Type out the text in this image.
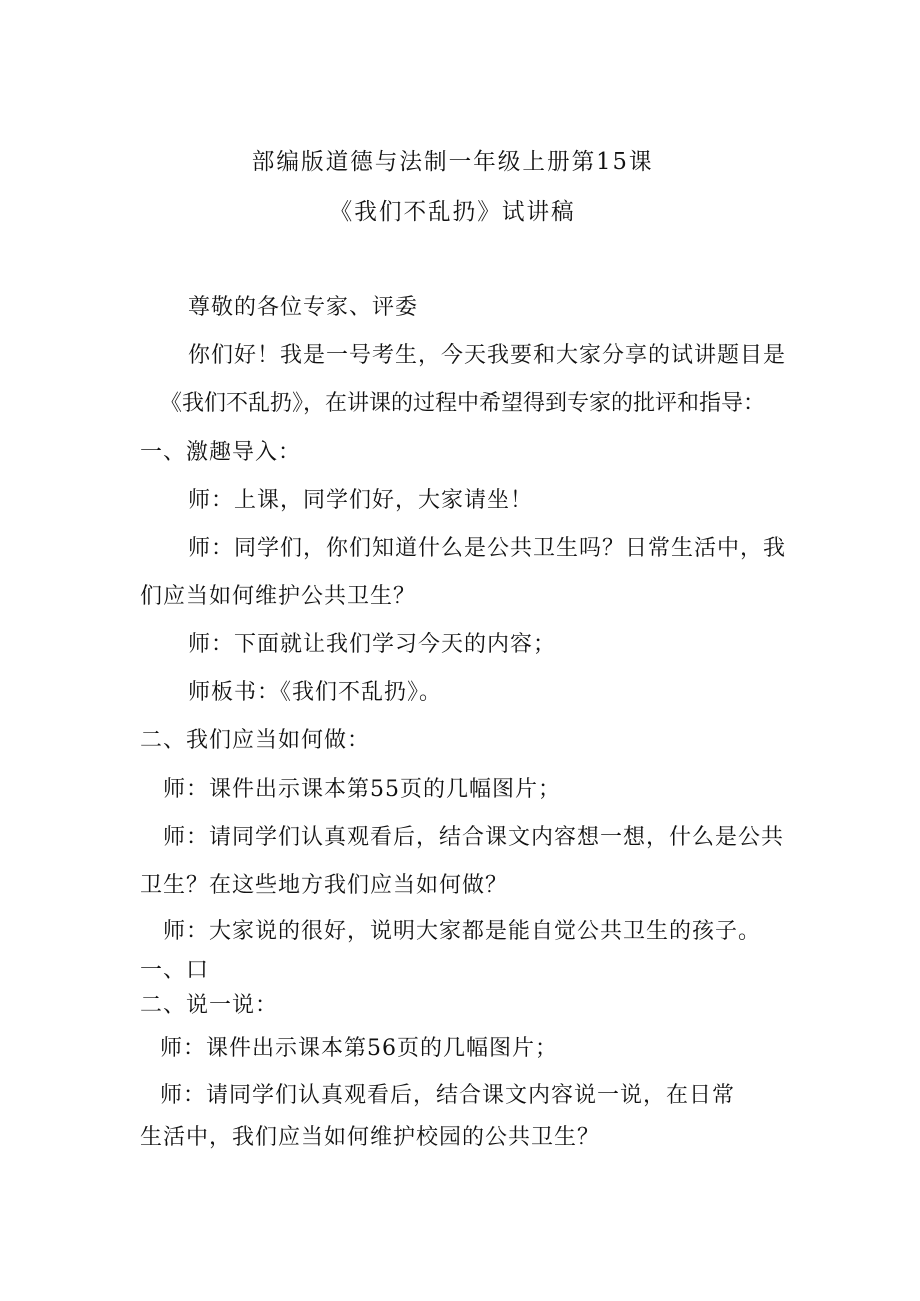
部编版道德与法制一年级上册第15课
《我们不乱扔》试讲稿
尊敬的各位专家、评委
你们好！我是一号考生，今天我要和大家分享的试讲题目是
《我们不乱扔》，在讲课的过程中希望得到专家的批评和指导：
一、激趣导入：
师：上课，同学们好，大家请坐！
师：同学们，你们知道什么是公共卫生吗？日常生活中，我
们应当如何维护公共卫生？
师：下面就让我们学习今天的内容；
师板书：《我们不乱扔》。
二、我们应当如何做：
师：课件出示课本第55页的几幅图片；
师：请同学们认真观看后，结合课文内容想一想，什么是公共
卫生？在这些地方我们应当如何做？
师：大家说的很好，说明大家都是能自觉公共卫生的孩子。
一、口
二、说一说：
师：课件出示课本第56页的几幅图片；
师：请同学们认真观看后，结合课文内容说一说，在日常
生活中，我们应当如何维护校园的公共卫生？
